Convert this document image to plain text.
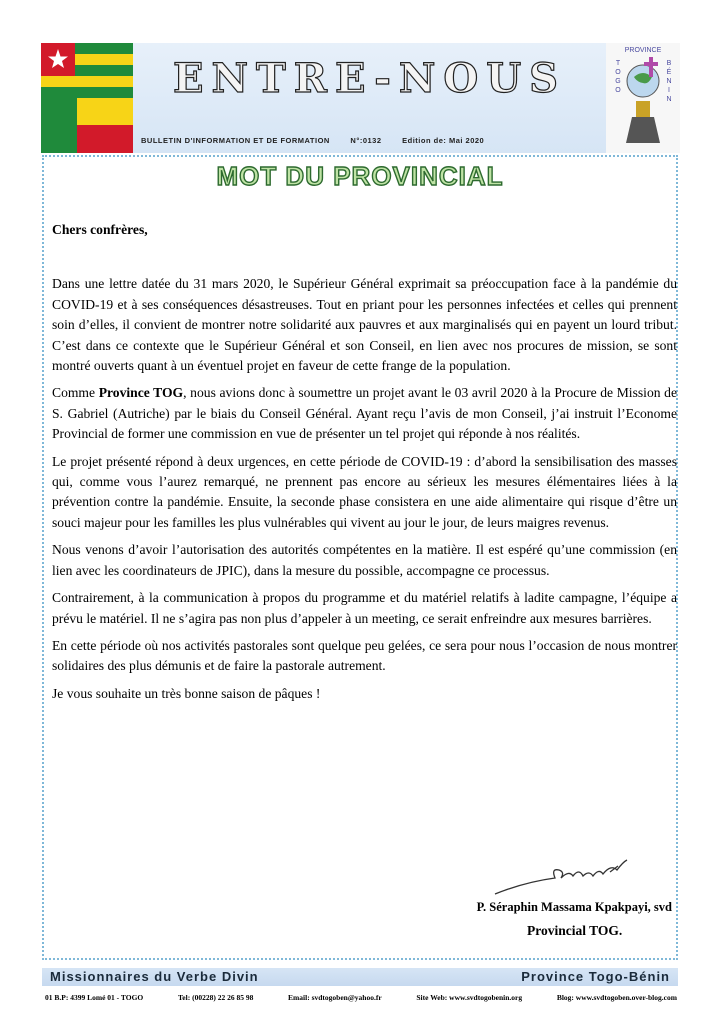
ENTRE-NOUS
BULLETIN D'INFORMATION ET DE FORMATION	N°:0132	Edition de: Mai 2020
PROVINCE
T
O
G
O
B
É
N
I
N
MOT DU PROVINCIAL

Chers confrères,

Dans une lettre datée du 31 mars 2020, le Supérieur Général exprimait sa préoccupation face à la pandémie du COVID-19 et à ses conséquences désastreuses. Tout en priant pour les personnes infectées et celles qui prennent soin d’elles, il convient de montrer notre solidarité aux pauvres et aux marginalisés qui en payent un lourd tribut. C’est dans ce contexte que le Supérieur Général et son Conseil, en lien avec nos procures de mission, se sont montré ouverts quant à un éventuel projet en faveur de cette frange de la population.

Comme Province TOG, nous avions donc à soumettre un projet avant le 03 avril 2020 à la Procure de Mission de S. Gabriel (Autriche) par le biais du Conseil Général. Ayant reçu l’avis de mon Conseil, j’ai instruit l’Econome Provincial de former une commission en vue de présenter un tel projet qui réponde à nos réalités.

Le projet présenté répond à deux urgences, en cette période de COVID-19 : d’abord la sensibilisation des masses qui, comme vous l’aurez remarqué, ne prennent pas encore au sérieux les mesures élémentaires liées à la prévention contre la pandémie. Ensuite, la seconde phase consistera en une aide alimentaire qui risque d’être un souci majeur pour les familles les plus vulnérables qui vivent au jour le jour, de leurs maigres revenus.

Nous venons d’avoir l’autorisation des autorités compétentes en la matière. Il est espéré qu’une commission (en lien avec les coordinateurs de JPIC), dans la mesure du possible, accompagne ce processus.

Contrairement, à la communication à propos du programme et du matériel relatifs à ladite campagne, l’équipe a prévu le matériel. Il ne s’agira pas non plus d’appeler à un meeting, ce serait enfreindre aux mesures barrières.

En cette période où nos activités pastorales sont quelque peu gelées, ce sera pour nous l’occasion de nous montrer solidaires des plus démunis et de faire la pastorale autrement.

Je vous souhaite un très bonne saison de pâques !

P. Séraphin Massama Kpakpayi, svd
Provincial TOG.
Missionnaires du Verbe Divin	Province Togo-Bénin
01 B.P: 4399 Lomé 01 - TOGO	Tel: (00228) 22 26 85 98	Email: svdtogoben@yahoo.fr	Site Web: www.svdtogobenin.org	Blog: www.svdtogoben.over-blog.com
